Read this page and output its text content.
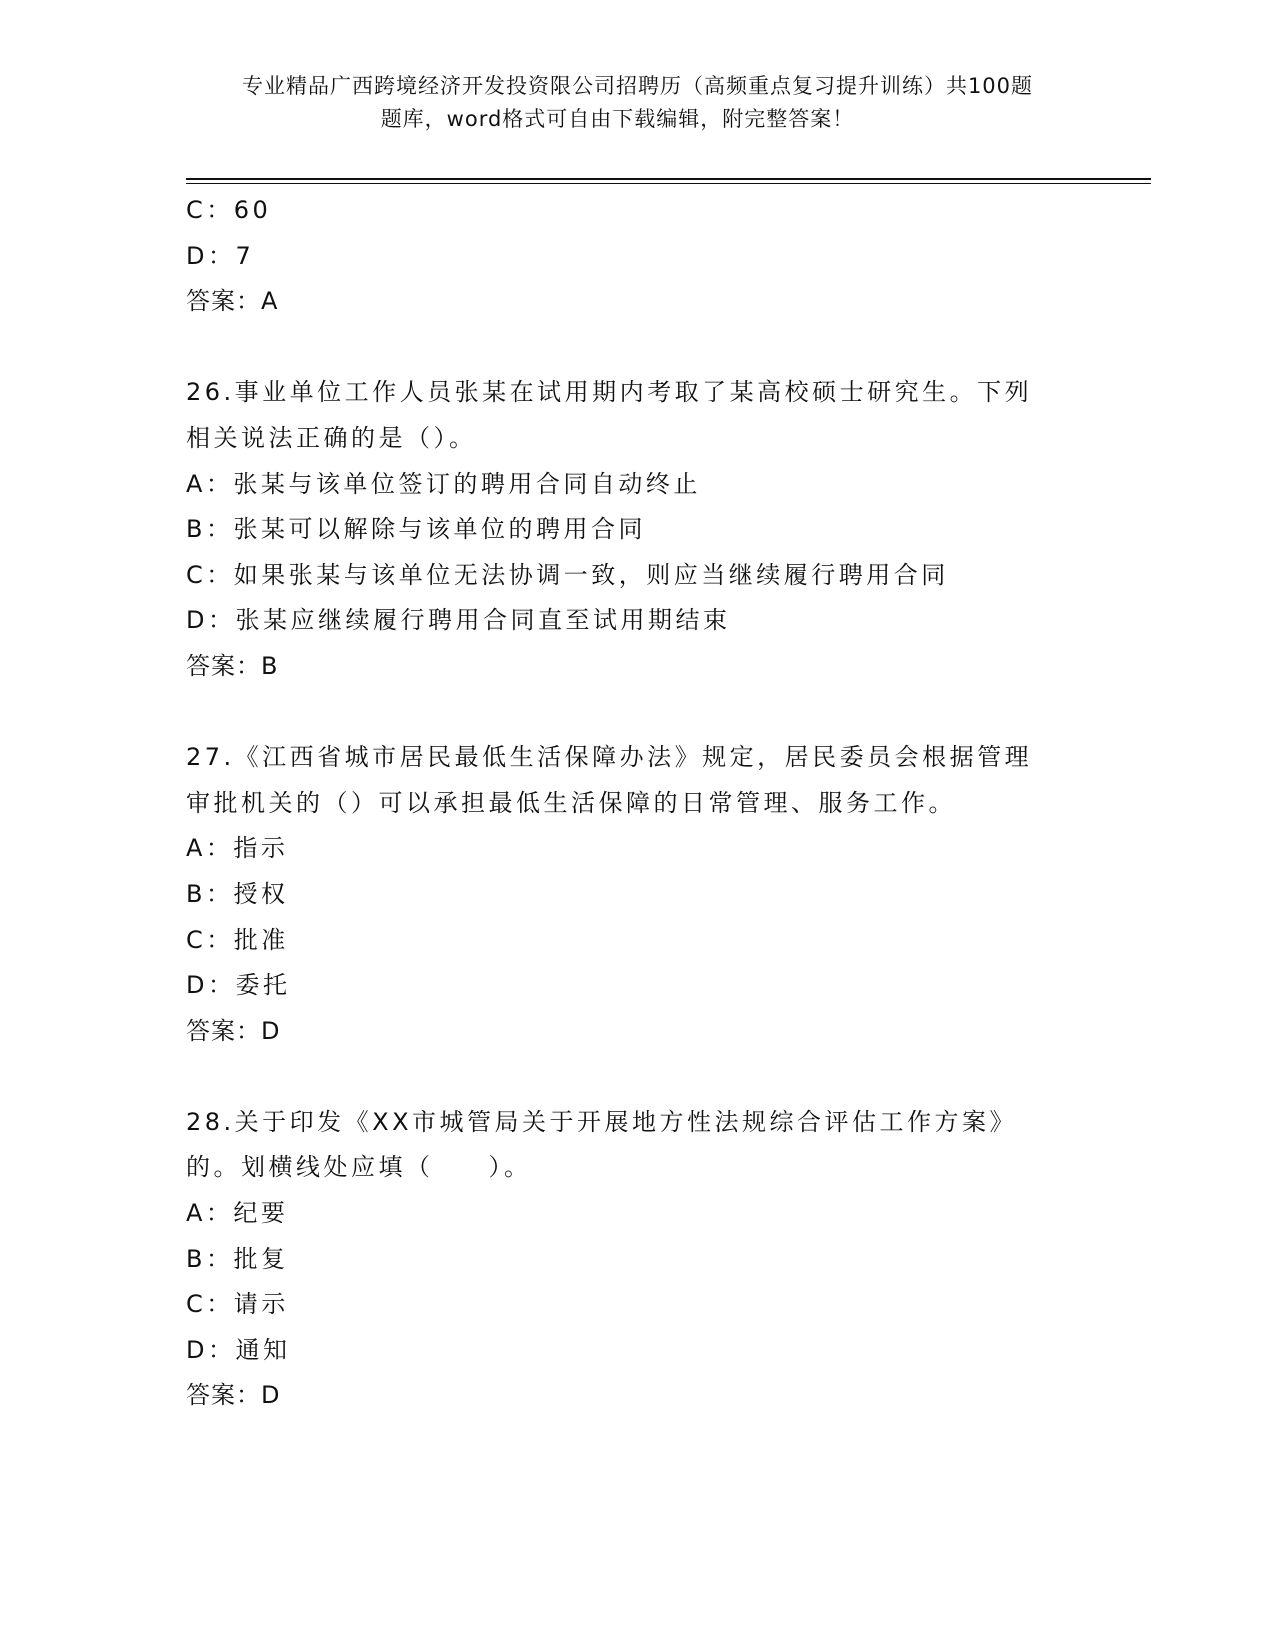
专业精品广西跨境经济开发投资限公司招聘历（高频重点复习提升训练）共100题
题库，word格式可自由下载编辑，附完整答案！
C：60
D：7
答案：A
26.事业单位工作人员张某在试用期内考取了某高校硕士研究生。下列
相关说法正确的是（）。
A：张某与该单位签订的聘用合同自动终止
B：张某可以解除与该单位的聘用合同
C：如果张某与该单位无法协调一致，则应当继续履行聘用合同
D：张某应继续履行聘用合同直至试用期结束
答案：B
27.《江西省城市居民最低生活保障办法》规定，居民委员会根据管理
审批机关的（）可以承担最低生活保障的日常管理、服务工作。
A：指示
B：授权
C：批准
D：委托
答案：D
28.关于印发《XX市城管局关于开展地方性法规综合评估工作方案》
的。划横线处应填（　　）。
A：纪要
B：批复
C：请示
D：通知
答案：D
